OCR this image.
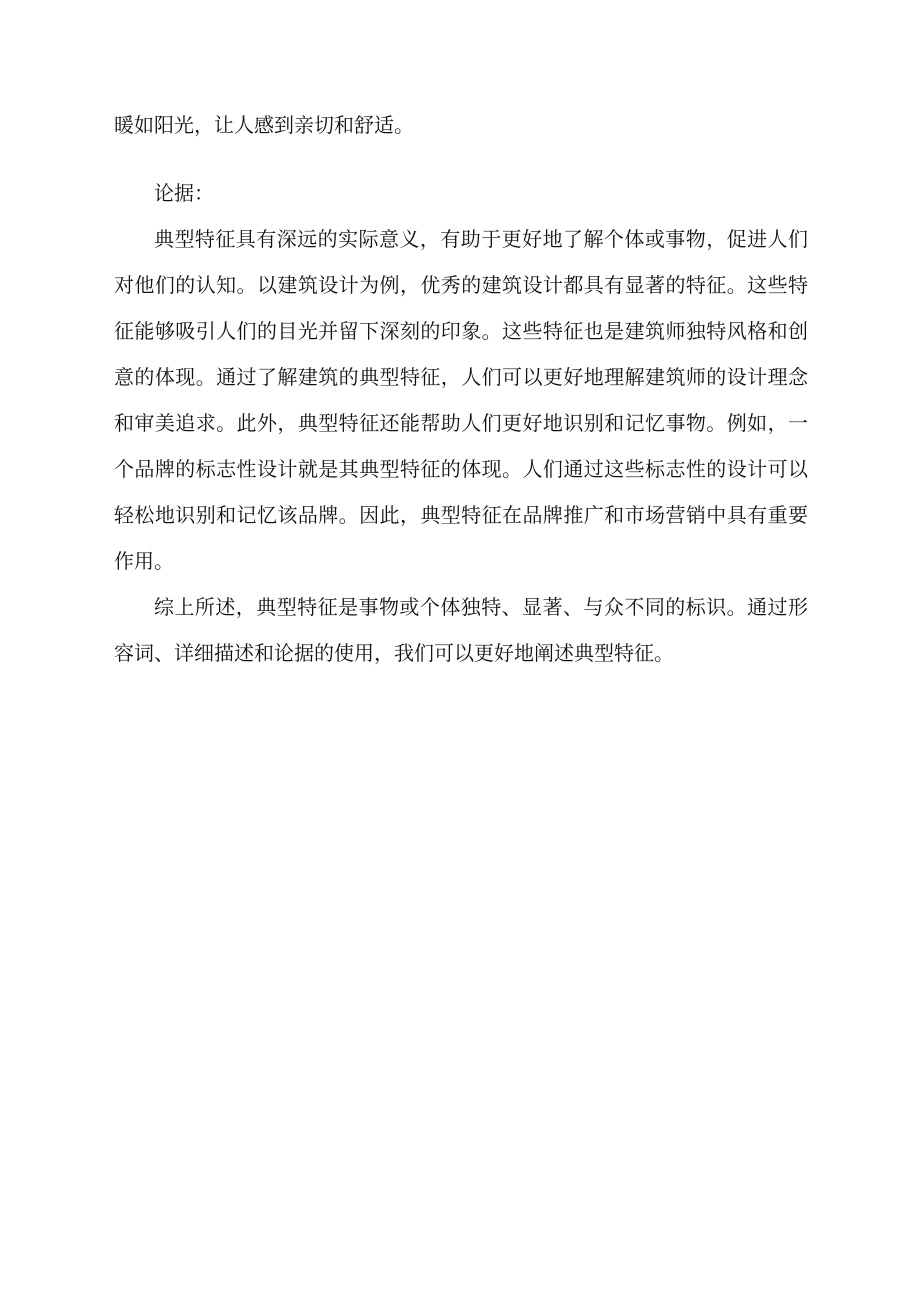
暖如阳光，让人感到亲切和舒适。

论据：

典型特征具有深远的实际意义，有助于更好地了解个体或事物，促进人们对他们的认知。以建筑设计为例，优秀的建筑设计都具有显著的特征。这些特征能够吸引人们的目光并留下深刻的印象。这些特征也是建筑师独特风格和创意的体现。通过了解建筑的典型特征，人们可以更好地理解建筑师的设计理念和审美追求。此外，典型特征还能帮助人们更好地识别和记忆事物。例如，一个品牌的标志性设计就是其典型特征的体现。人们通过这些标志性的设计可以轻松地识别和记忆该品牌。因此，典型特征在品牌推广和市场营销中具有重要作用。

综上所述，典型特征是事物或个体独特、显著、与众不同的标识。通过形容词、详细描述和论据的使用，我们可以更好地阐述典型特征。
